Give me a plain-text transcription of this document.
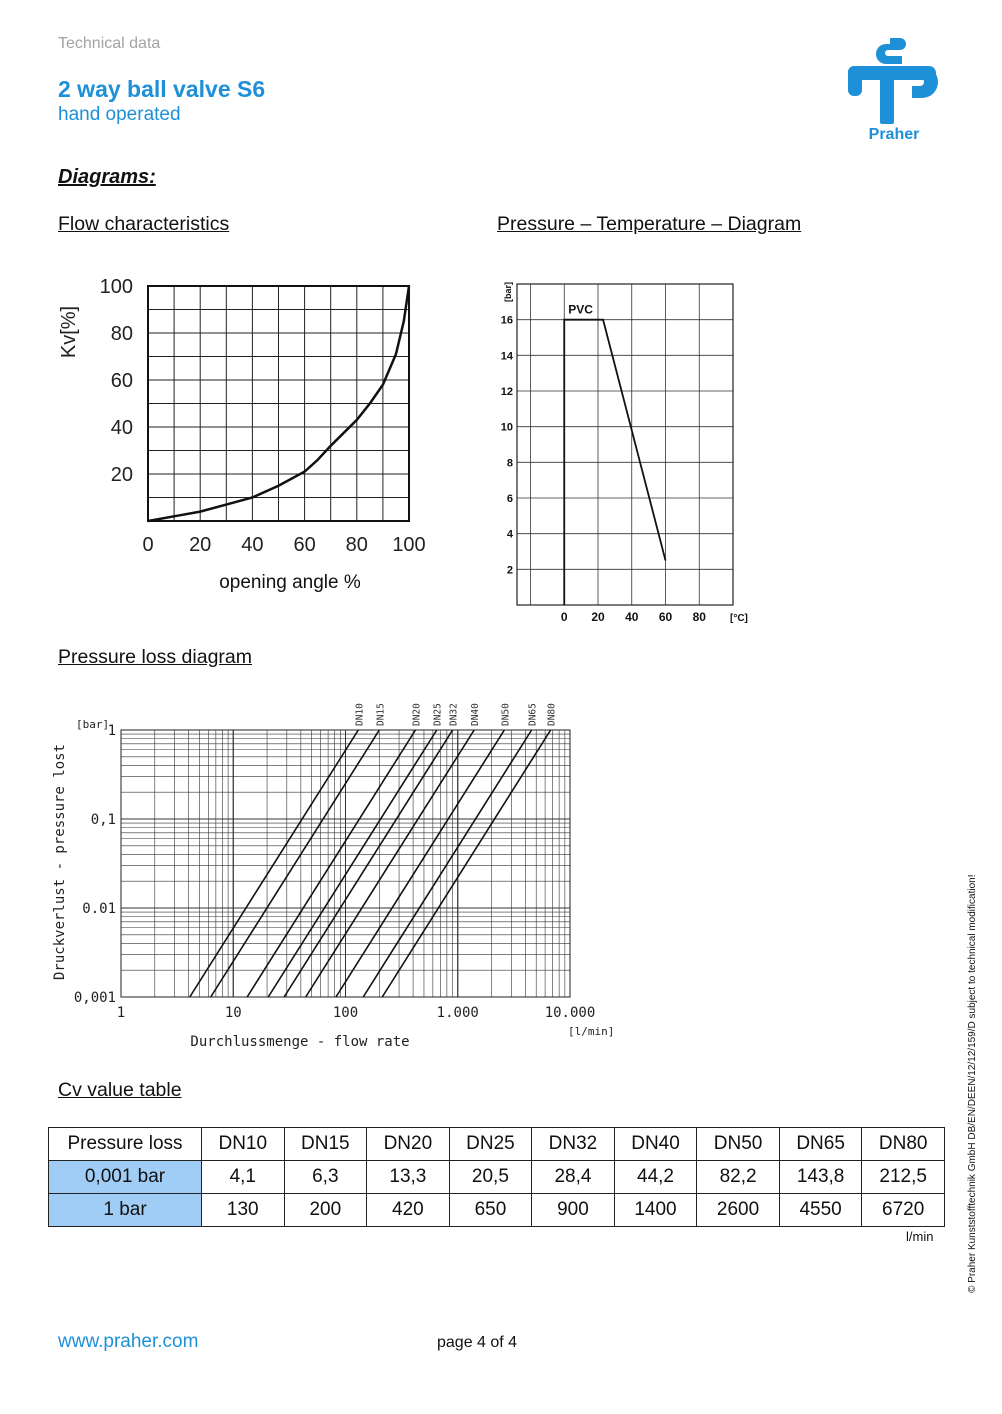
Technical data
2 way ball valve S6
hand operated
Praher
Diagrams:
Flow characteristics
0 20 40 60 80 100
20
40
60
80
100
opening angle %
Kv[%]
Pressure – Temperature – Diagram
0 20 40 60 80 [°C]
2
4
6
8
10
12
14
16
[bar]
PVC
Pressure loss diagram
1	10	100	1.000	10.000
[l/min]
0,001
0.01
0,1
1
[bar]
Durchlussmenge - flow rate
Druckverlust - pressure lost
DN10 DN15	DN20 DN25 DN32 DN40 DN50 DN65 DN80
Cv value table
Pressure loss	DN10	DN15	DN20	DN25	DN32	DN40	DN50	DN65	DN80
0,001 bar	4,1	6,3	13,3	20,5	28,4	44,2	82,2	143,8	212,5
1 bar	130	200	420	650	900	1400	2600	4550	6720
l/min
www.praher.com	page 4 of 4
© Praher Kunststofftechnik GmbH DB/EN/DEEN/12/12/159/D subject to technical modification!
